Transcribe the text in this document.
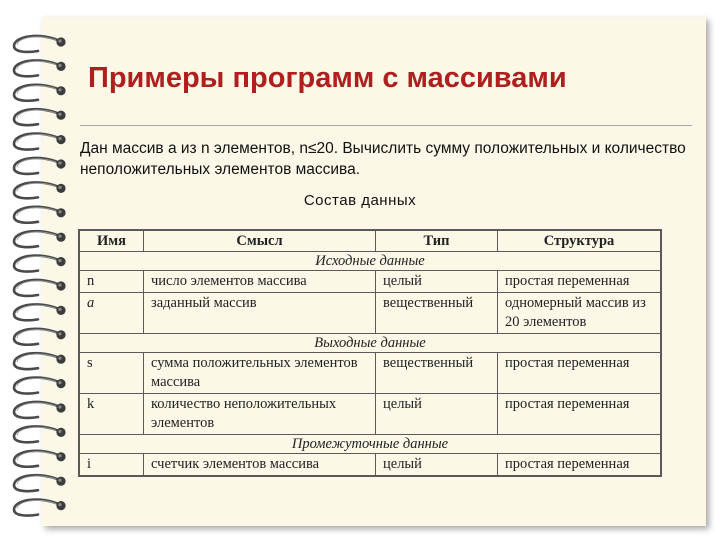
Примеры программ с массивами
Дан массив a из n элементов, n≤20. Вычислить сумму положительных и количество неположительных элементов массива.
Состав данных
Имя	Смысл	Тип	Структура
Исходные данные			
n	число элементов массива	целый	простая переменная
a	заданный массив	вещественный	одномерный массив из 20 элементов
Выходные данные			
s	сумма положительных элементов массива	вещественный	простая переменная
k	количество неположительных элементов	целый	простая переменная
Промежуточные данные			
i	счетчик элементов массива	целый	простая переменная
